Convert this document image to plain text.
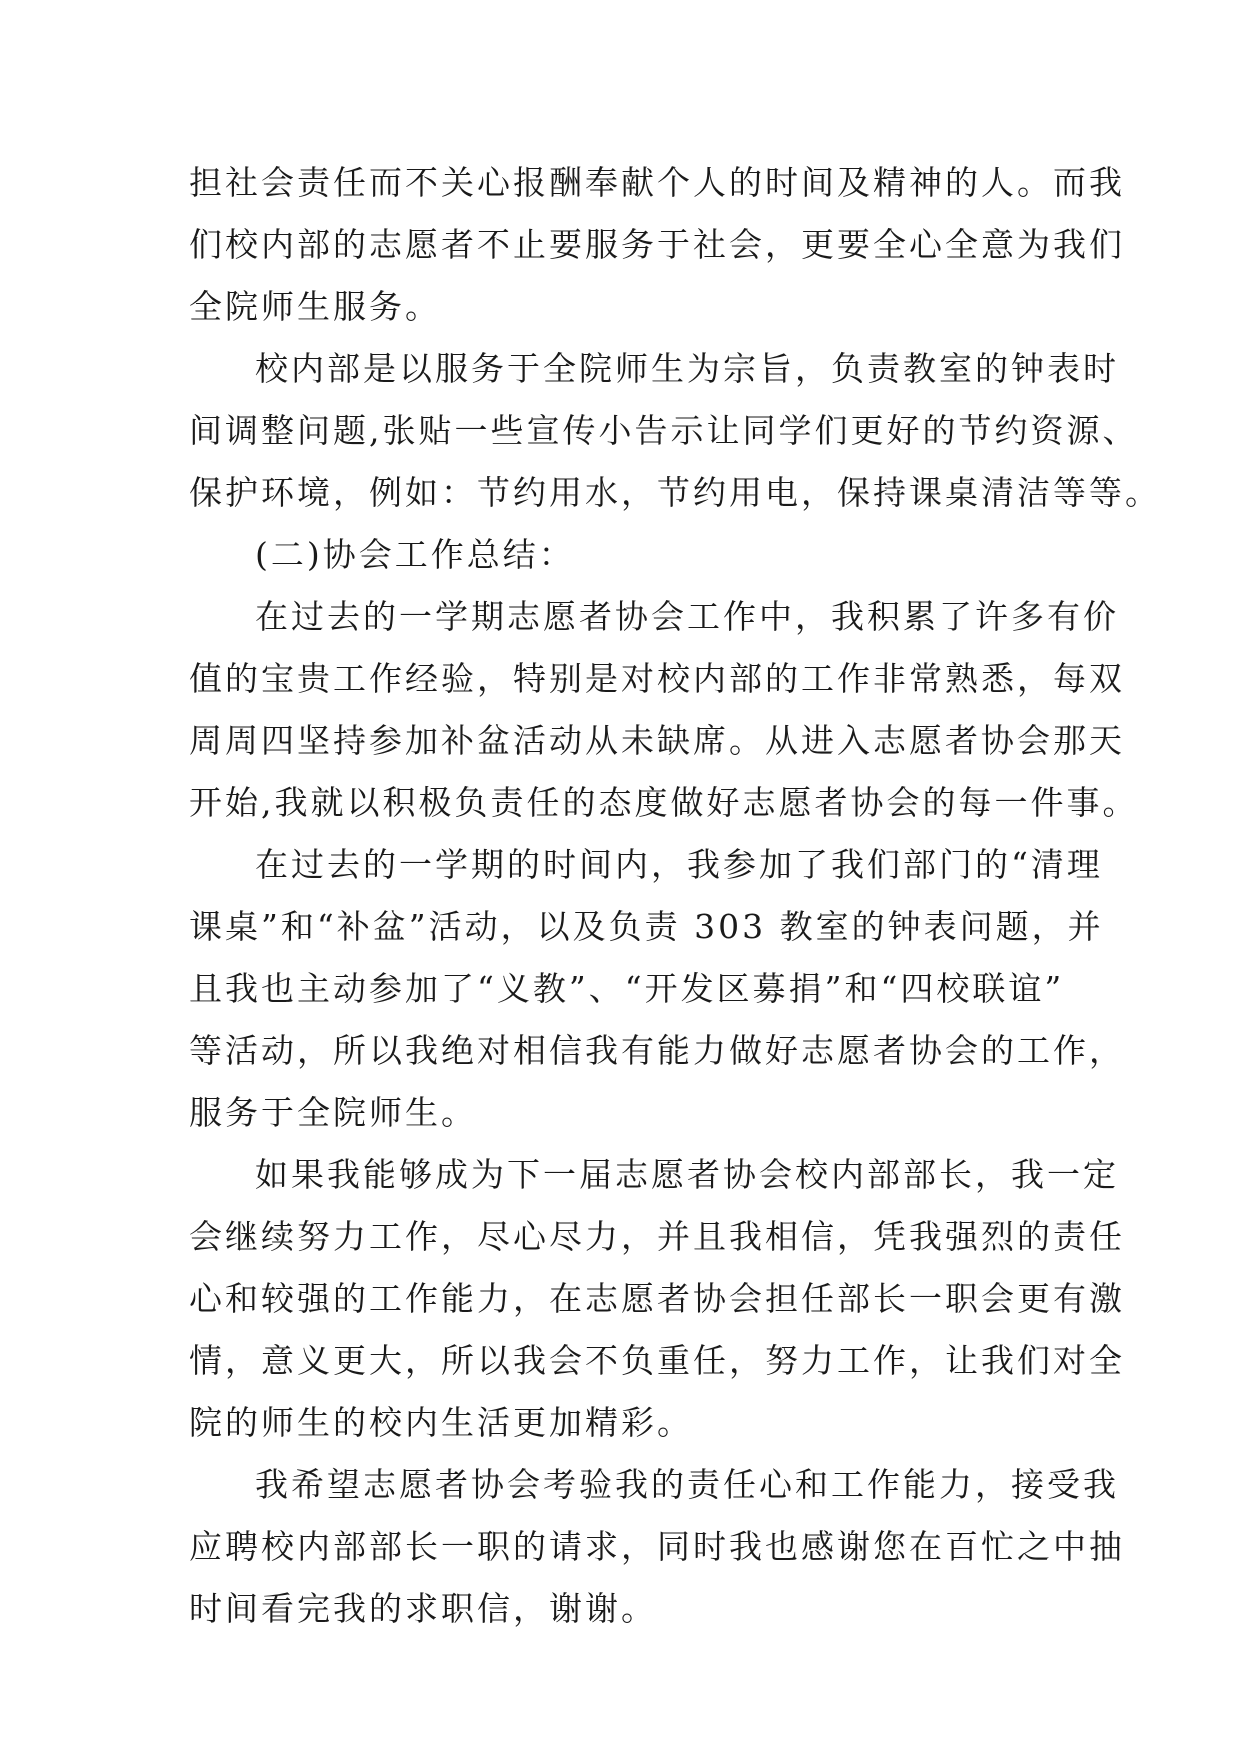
担社会责任而不关心报酬奉献个人的时间及精神的人。而我
们校内部的志愿者不止要服务于社会，更要全心全意为我们
全院师生服务。
校内部是以服务于全院师生为宗旨，负责教室的钟表时
间调整问题,张贴一些宣传小告示让同学们更好的节约资源、
保护环境，例如：节约用水，节约用电，保持课桌清洁等等。
(二)协会工作总结：
在过去的一学期志愿者协会工作中，我积累了许多有价
值的宝贵工作经验，特别是对校内部的工作非常熟悉，每双
周周四坚持参加补盆活动从未缺席。从进入志愿者协会那天
开始,我就以积极负责任的态度做好志愿者协会的每一件事。
在过去的一学期的时间内，我参加了我们部门的“清理
课桌”和“补盆”活动，以及负责 303 教室的钟表问题，并
且我也主动参加了“义教”、“开发区募捐”和“四校联谊”
等活动，所以我绝对相信我有能力做好志愿者协会的工作，
服务于全院师生。
如果我能够成为下一届志愿者协会校内部部长，我一定
会继续努力工作，尽心尽力，并且我相信，凭我强烈的责任
心和较强的工作能力，在志愿者协会担任部长一职会更有激
情，意义更大，所以我会不负重任，努力工作，让我们对全
院的师生的校内生活更加精彩。
我希望志愿者协会考验我的责任心和工作能力，接受我
应聘校内部部长一职的请求，同时我也感谢您在百忙之中抽
时间看完我的求职信，谢谢。
